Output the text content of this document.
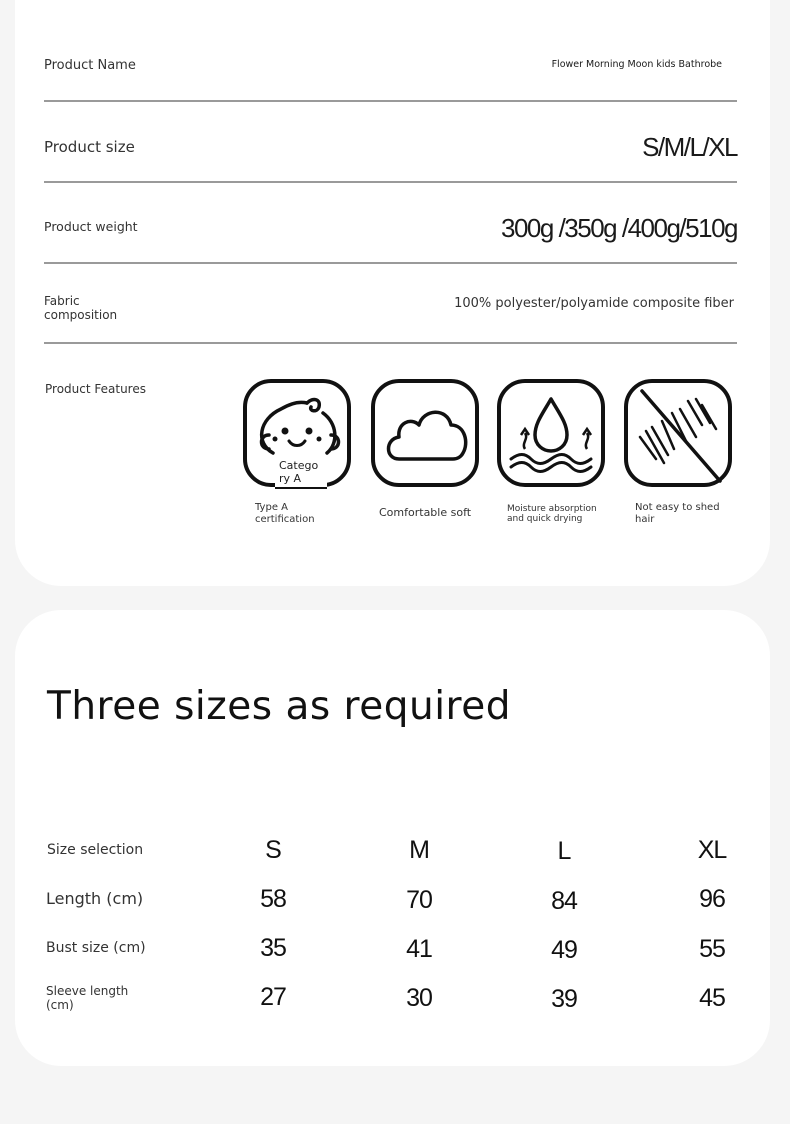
Product Name	Flower Morning Moon kids Bathrobe
Product size	S/M/L/XL
Product weight	300g /350g /400g/510g
Fabric
composition
100% polyester/polyamide composite fiber
Product Features
Catego
ry A
Type A
certification
Comfortable soft	Moisture absorption
and quick drying
Not easy to shed
hair
Three sizes as required
Size selection	S	M	L	XL
Length (cm)	58	70	84	96
Bust size (cm)	35	41	49	55
Sleeve length
(cm)	27	30	39	45
